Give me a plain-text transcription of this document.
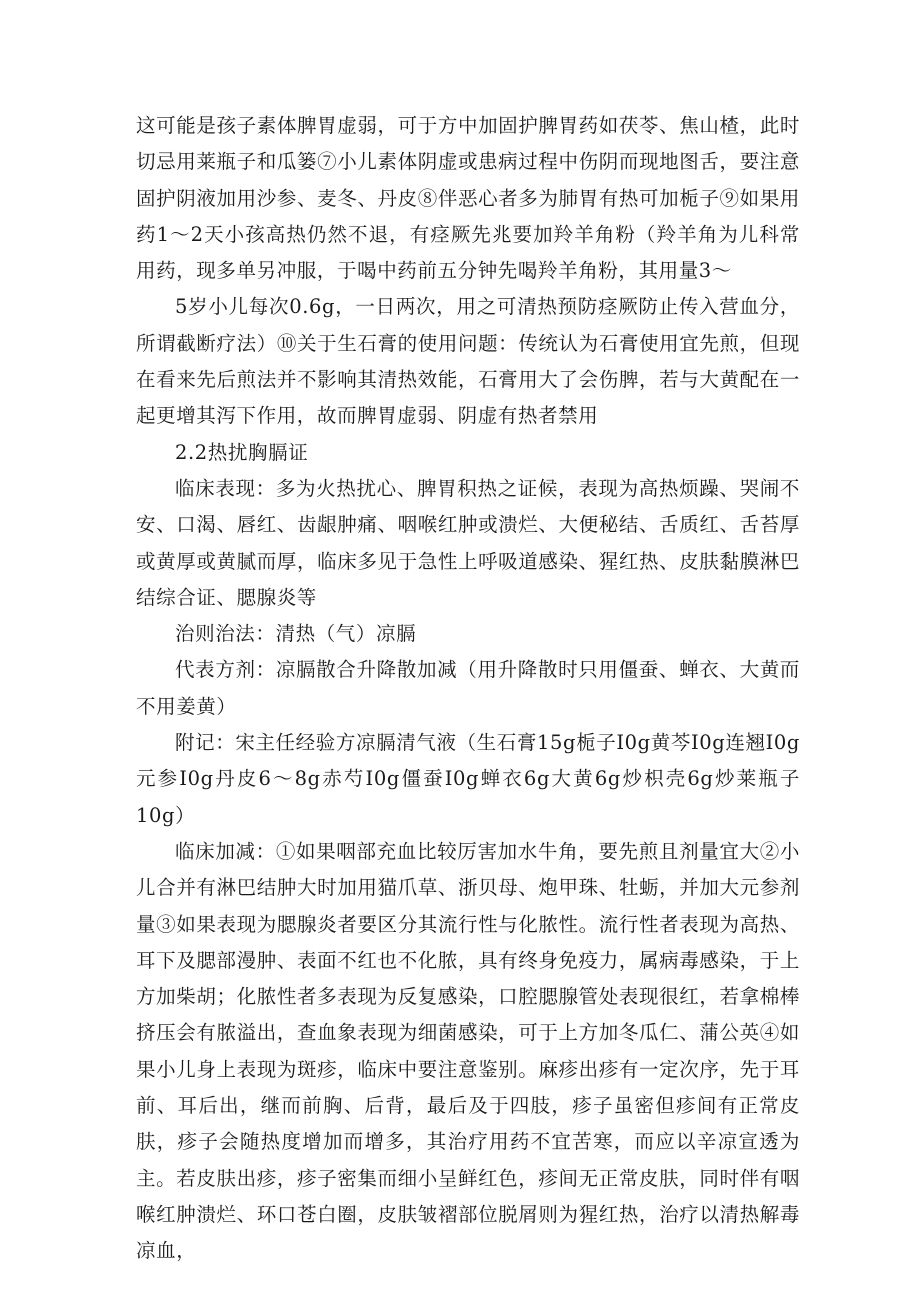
这可能是孩子素体脾胃虚弱，可于方中加固护脾胃药如茯苓、焦山楂，此时切忌用莱瓶子和瓜篓⑦小儿素体阴虚或患病过程中伤阴而现地图舌，要注意固护阴液加用沙参、麦冬、丹皮⑧伴恶心者多为肺胃有热可加栀子⑨如果用药1～2天小孩高热仍然不退，有痉厥先兆要加羚羊角粉（羚羊角为儿科常用药，现多单另冲服，于喝中药前五分钟先喝羚羊角粉，其用量3～

5岁小儿每次0.6g，一日两次，用之可清热预防痉厥防止传入营血分，所谓截断疗法）⑩关于生石膏的使用问题：传统认为石膏使用宜先煎，但现在看来先后煎法并不影响其清热效能，石膏用大了会伤脾，若与大黄配在一起更增其泻下作用，故而脾胃虚弱、阴虚有热者禁用

2.2热扰胸膈证

临床表现：多为火热扰心、脾胃积热之证候，表现为高热烦躁、哭闹不安、口渴、唇红、齿龈肿痛、咽喉红肿或溃烂、大便秘结、舌质红、舌苔厚或黄厚或黄腻而厚，临床多见于急性上呼吸道感染、猩红热、皮肤黏膜淋巴结综合证、腮腺炎等

治则治法：清热（气）凉膈

代表方剂：凉膈散合升降散加减（用升降散时只用僵蚕、蝉衣、大黄而不用姜黄）

附记：宋主任经验方凉膈清气液（生石膏15g栀子I0g黄芩I0g连翘I0g元参I0g丹皮6～8g赤芍I0g僵蚕I0g蝉衣6g大黄6g炒枳壳6g炒莱瓶子10g）

临床加减：①如果咽部充血比较厉害加水牛角，要先煎且剂量宜大②小儿合并有淋巴结肿大时加用猫爪草、浙贝母、炮甲珠、牡蛎，并加大元参剂量③如果表现为腮腺炎者要区分其流行性与化脓性。流行性者表现为高热、耳下及腮部漫肿、表面不红也不化脓，具有终身免疫力，属病毒感染，于上方加柴胡；化脓性者多表现为反复感染，口腔腮腺管处表现很红，若拿棉棒挤压会有脓溢出，查血象表现为细菌感染，可于上方加冬瓜仁、蒲公英④如果小儿身上表现为斑疹，临床中要注意鉴别。麻疹出疹有一定次序，先于耳前、耳后出，继而前胸、后背，最后及于四肢，疹子虽密但疹间有正常皮肤，疹子会随热度增加而增多，其治疗用药不宜苦寒，而应以辛凉宣透为主。若皮肤出疹，疹子密集而细小呈鲜红色，疹间无正常皮肤，同时伴有咽喉红肿溃烂、环口苍白圈，皮肤皱褶部位脱屑则为猩红热，治疗以清热解毒凉血，
